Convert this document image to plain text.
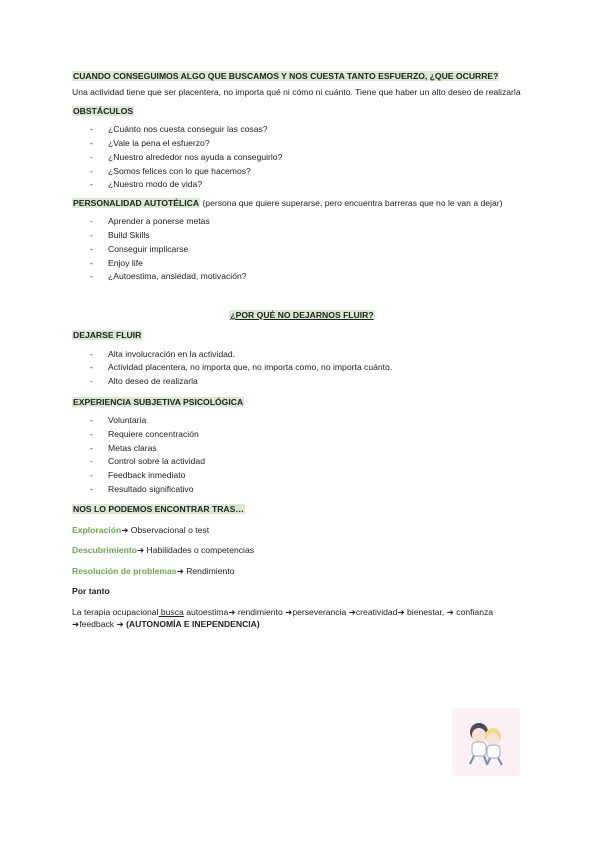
CUANDO CONSEGUIMOS ALGO QUE BUSCAMOS Y NOS CUESTA TANTO ESFUERZO, ¿QUE OCURRE?

Una actividad tiene que ser placentera, no importa qué ni cómo ni cuánto. Tiene que haber un alto deseo de realizarla

OBSTÁCULOS

- ¿Cuánto nos cuesta conseguir las cosas?
- ¿Vale la pena el esfuerzo?
- ¿Nuestro alrededor nos ayuda a conseguirlo?
- ¿Somos felices con lo que hacemos?
- ¿Nuestro modo de vida?

PERSONALIDAD AUTOTÉLICA (persona que quiere superarse, pero encuentra barreras que no le van a dejar)

- Aprender a ponerse metas
- Build Skills
- Conseguir implicarse
- Enjoy life
- ¿Autoestima, ansiedad, motivación?

¿POR QUÉ NO DEJARNOS FLUIR?

DEJARSE FLUIR

- Alta involucración en la actividad.
- Actividad placentera, no importa que, no importa como, no importa cuánto.
- Alto deseo de realizarla

EXPERIENCIA SUBJETIVA PSICOLÓGICA

- Voluntaria
- Requiere concentración
- Metas claras
- Control sobre la actividad
- Feedback inmediato
- Resultado significativo

NOS LO PODEMOS ENCONTRAR TRAS…

Exploración➜ Observacional o test

Descubrimiento➜ Habilidades o competencias

Resolución de problemas➜ Rendimiento

Por tanto

La terapia ocupacional busca autoestima➜ rendimiento ➜perseverancia ➜creatividad➜ bienestar, ➜ confianza ➜feedback ➜ (AUTONOMÍA E INEPENDENCIA)
